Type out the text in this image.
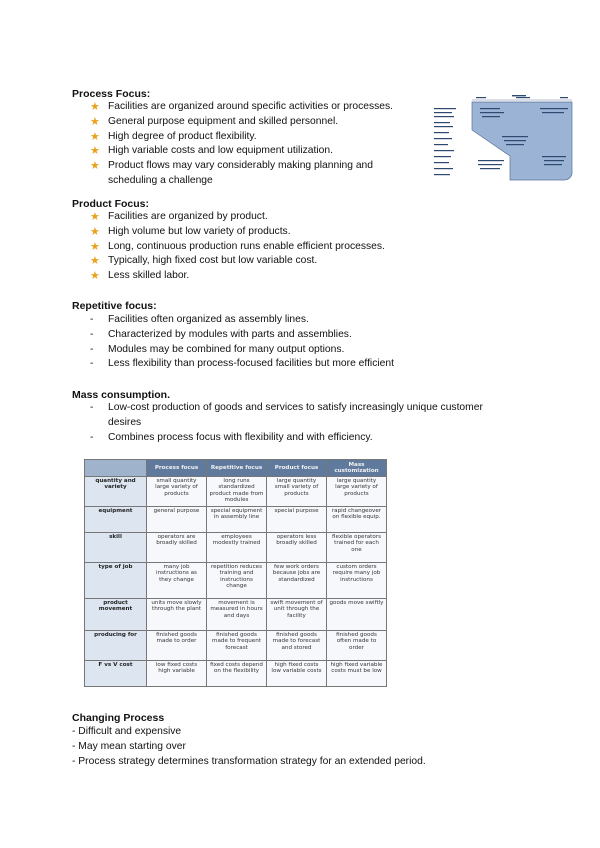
Process Focus:
★ Facilities are organized around specific activities or processes.
★ General purpose equipment and skilled personnel.
★ High degree of product flexibility.
★ High variable costs and low equipment utilization.
★ Product flows may vary considerably making planning and
scheduling a challenge
Product Focus:
★ Facilities are organized by product.
★ High volume but low variety of products.
★ Long, continuous production runs enable efficient processes.
★ Typically, high fixed cost but low variable cost.
★ Less skilled labor.
Repetitive focus:
- Facilities often organized as assembly lines.
- Characterized by modules with parts and assemblies.
- Modules may be combined for many output options.
- Less flexibility than process-focused facilities but more efficient
Mass consumption.
- Low-cost production of goods and services to satisfy increasingly unique customer
desires
- Combines process focus with flexibility and with efficiency.
	Process focus	Repetitive focus	Product focus	Mass customization
quantity and variety	small quantity large variety of products	long runs standardized product made from modules	large quantity small variety of products	large quantity large variety of products
equipment	general purpose	special equipment in assembly line	special purpose	rapid changeover on flexible equip.
skill	operators are broadly skilled	employees modestly trained	operators less broadly skilled	flexible operators trained for each one
type of job	many job instructions as they change	repetition reduces training and instructions change	few work orders because jobs are standardized	custom orders require many job instructions
product movement	units move slowly through the plant	movement is measured in hours and days	swift movement of unit through the facility	goods move swiftly
producing for	finished goods made to order	finished goods made to frequent forecast	finished goods made to forecast and stored	finished goods often made to order
F vs V cost	low fixed costs high variable	fixed costs depend on the flexibility	high fixed costs low variable costs	high fixed variable costs must be low
Changing Process
- Difficult and expensive
- May mean starting over
- Process strategy determines transformation strategy for an extended period.
